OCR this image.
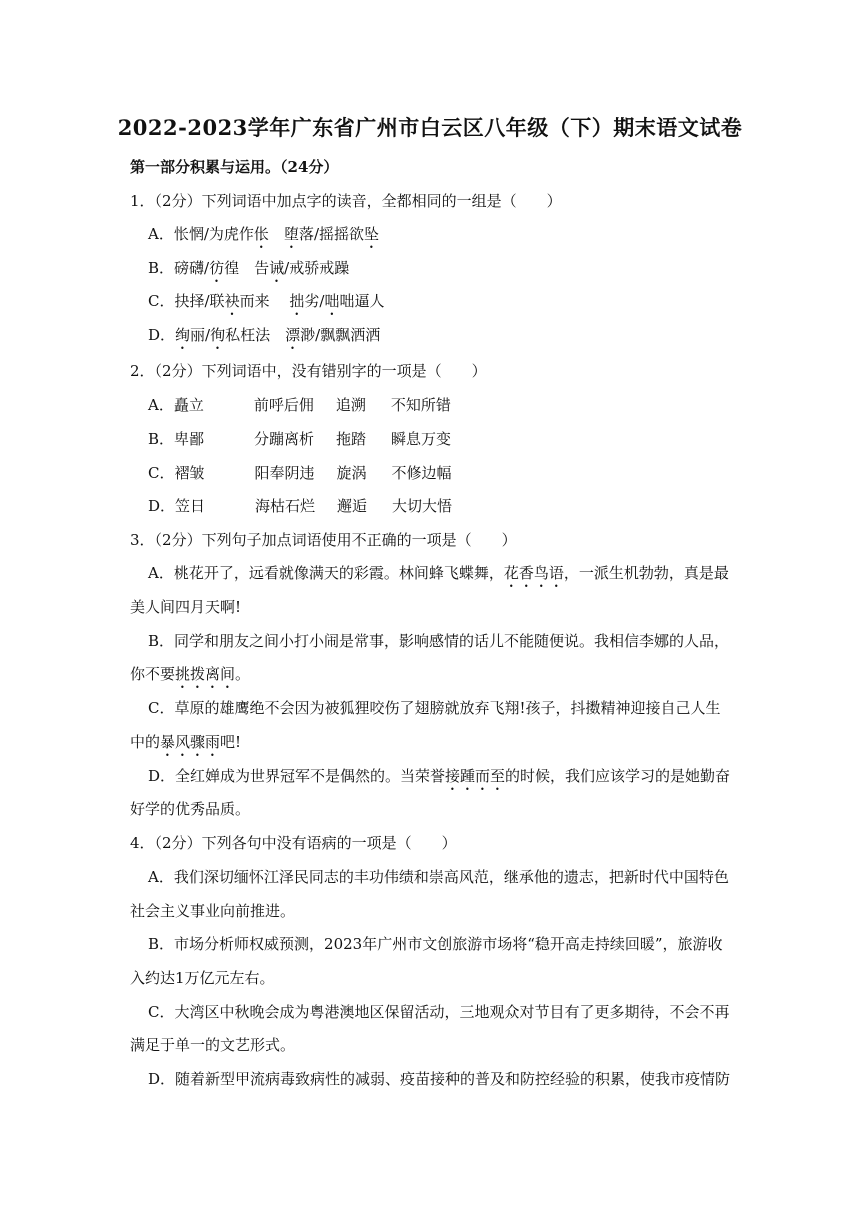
2022-2023学年广东省广州市白云区八年级（下）期末语文试卷
第一部分积累与运用。（24分）
1．（2分）下列词语中加点字的读音，全都相同的一组是（　　）
A．怅惘/为虎作伥　 堕落/摇摇欲坠
B．磅礴/彷徨　告诫/戒骄戒躁
C．抉择/联袂而来　 拙劣/咄咄逼人
D．绚丽/徇私枉法　漂渺/飘飘洒洒
2．（2分）下列词语中，没有错别字的一项是（　　）
A．矗立	前呼后佣 追溯 不知所错
B．卑鄙	分蹦离析 拖踏 瞬息万变
C．褶皱	阳奉阴违 旋涡 不修边幅
D．笠日	海枯石烂 邂逅 大切大悟
3．（2分）下列句子加点词语使用不正确的一项是（　　）
A．桃花开了，远看就像满天的彩霞。林间蜂飞蝶舞，花香鸟语，一派生机勃勃，真是最
美人间四月天啊!
B．同学和朋友之间小打小闹是常事，影响感情的话儿不能随便说。我相信李娜的人品，
你不要挑拨离间。
C．草原的雄鹰绝不会因为被狐狸咬伤了翅膀就放弃飞翔!孩子，抖擞精神迎接自己人生
中的暴风骤雨吧!
D．全红婵成为世界冠军不是偶然的。当荣誉接踵而至的时候，我们应该学习的是她勤奋
好学的优秀品质。
4．（2分）下列各句中没有语病的一项是（　　）
A．我们深切缅怀江泽民同志的丰功伟绩和崇高风范，继承他的遗志，把新时代中国特色
社会主义事业向前推进。
B．市场分析师权威预测，2023年广州市文创旅游市场将“稳开高走持续回暖”，旅游收
入约达1万亿元左右。
C．大湾区中秋晚会成为粤港澳地区保留活动，三地观众对节目有了更多期待，不会不再
满足于单一的文艺形式。
D．随着新型甲流病毒致病性的减弱、疫苗接种的普及和防控经验的积累，使我市疫情防
